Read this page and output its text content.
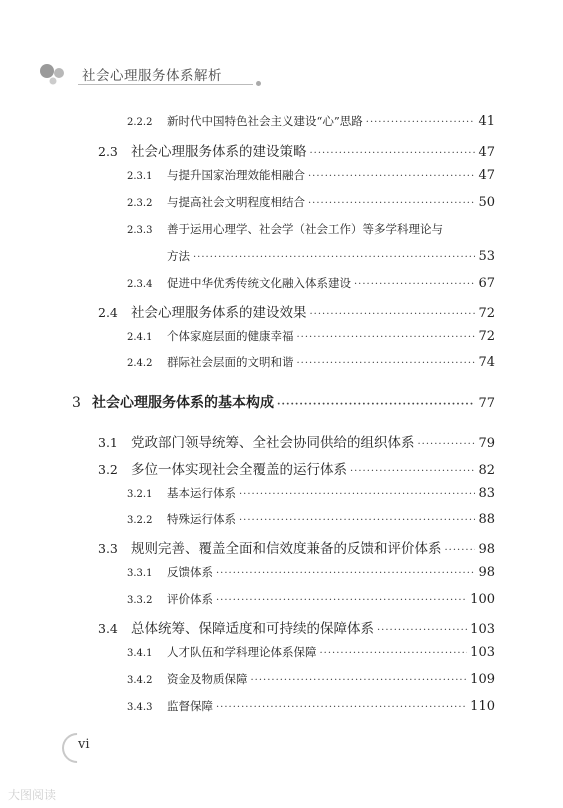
社会心理服务体系解析
2.2.2	新时代中国特色社会主义建设“心”思路 ·····	41
2.3 社会心理服务体系的建设策略 ·····	47
2.3.1	与提升国家治理效能相融合 ·····	47
2.3.2	与提高社会文明程度相结合 ·····	50
2.3.3	善于运用心理学、社会学（社会工作）等多学科理论与
方法 ·····	53
2.3.4	促进中华优秀传统文化融入体系建设 ·····	67
2.4 社会心理服务体系的建设效果 ·····	72
2.4.1	个体家庭层面的健康幸福 ·····	72
2.4.2	群际社会层面的文明和谐 ·····	74
3 社会心理服务体系的基本构成 ·····	77
3.1 党政部门领导统筹、全社会协同供给的组织体系 ·····	79
3.2 多位一体实现社会全覆盖的运行体系 ·····	82
3.2.1	基本运行体系 ·····	83
3.2.2	特殊运行体系 ·····	88
3.3 规则完善、覆盖全面和信效度兼备的反馈和评价体系 ·····	98
3.3.1	反馈体系 ·····	98
3.3.2	评价体系 ·····	100
3.4 总体统筹、保障适度和可持续的保障体系 ·····	103
3.4.1	人才队伍和学科理论体系保障 ·····	103
3.4.2	资金及物质保障 ·····	109
3.4.3	监督保障 ·····	110
vi
大图阅读
